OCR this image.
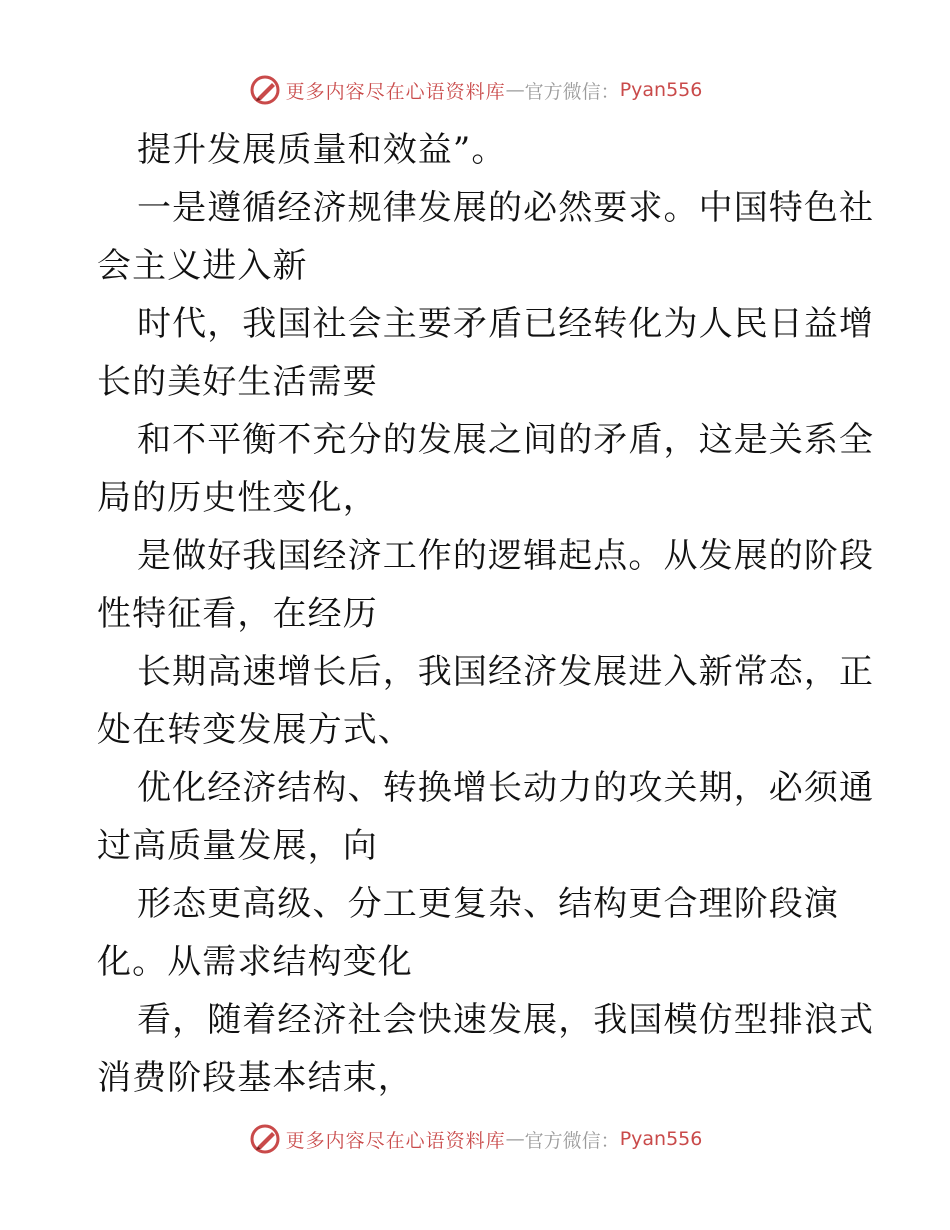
更多内容尽在心语资料库 — 官方微信： Pyan556
提升发展质量和效益”。
一是遵循经济规律发展的必然要求。中国特色社
会主义进入新
时代，我国社会主要矛盾已经转化为人民日益增
长的美好生活需要
和不平衡不充分的发展之间的矛盾，这是关系全
局的历史性变化，
是做好我国经济工作的逻辑起点。从发展的阶段
性特征看，在经历
长期高速增长后，我国经济发展进入新常态，正
处在转变发展方式、
优化经济结构、转换增长动力的攻关期，必须通
过高质量发展，向
形态更高级、分工更复杂、结构更合理阶段演
化。从需求结构变化
看，随着经济社会快速发展，我国模仿型排浪式
消费阶段基本结束，
更多内容尽在心语资料库 — 官方微信： Pyan556
